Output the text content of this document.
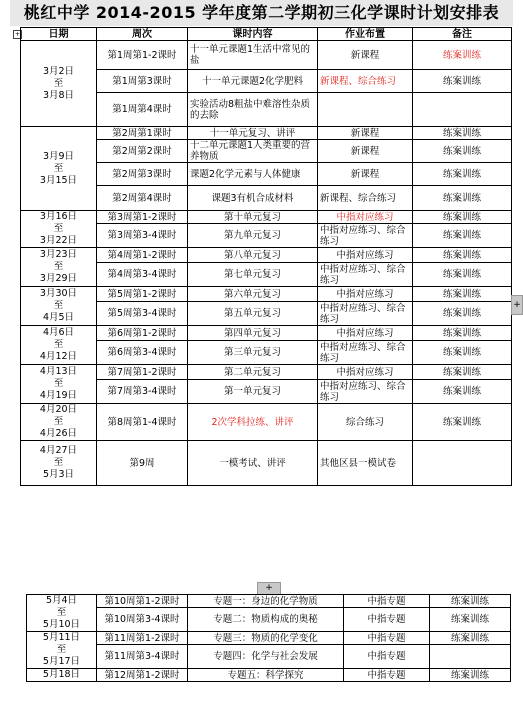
桃红中学 2014-2015 学年度第二学期初三化学课时计划安排表
+	日期	周次	课时内容	作业布置	备注

3月2日
至
3月8日	第1周第1-2课时	十一单元课题1生活中常见的盐	新课程	练案训练
	第1周第3课时	十一单元课题2化学肥料	新课程、综合练习	练案训练
	第1周第4课时	实验活动8粗盐中难溶性杂质的去除		

3月9日
至
3月15日	第2周第1课时	十一单元复习、讲评	新课程	练案训练
	第2周第2课时	十二单元课题1人类重要的营养物质	新课程	练案训练
	第2周第3课时	课题2化学元素与人体健康	新课程	练案训练
	第2周第4课时	课题3有机合成材料	新课程、综合练习	练案训练

3月16日
至
3月22日	第3周第1-2课时	第十单元复习	中指对应练习	练案训练
	第3周第3-4课时	第九单元复习	中指对应练习、综合练习	练案训练

3月23日
至
3月29日	第4周第1-2课时	第八单元复习	中指对应练习	练案训练
	第4周第3-4课时	第七单元复习	中指对应练习、综合练习	练案训练

3月30日
至
4月5日	第5周第1-2课时	第六单元复习	中指对应练习	练案训练
	第5周第3-4课时	第五单元复习	中指对应练习、综合练习	练案训练

4月6日
至
4月12日	第6周第1-2课时	第四单元复习	中指对应练习	练案训练
	第6周第3-4课时	第三单元复习	中指对应练习、综合练习	练案训练

4月13日
至
4月19日	第7周第1-2课时	第二单元复习	中指对应练习	练案训练
	第7周第3-4课时	第一单元复习	中指对应练习、综合练习	练案训练

4月20日
至
4月26日	第8周第1-4课时	2次学科拉练、讲评	综合练习	练案训练

4月27日
至
5月3日	第9周	一模考试、讲评	其他区县一模试卷	
+
+
5月4日
至
5月10日	第10周第1-2课时	专题一：身边的化学物质	中指专题	练案训练
	第10周第3-4课时	专题二：物质构成的奥秘	中指专题	练案训练

5月11日
至
5月17日	第11周第1-2课时	专题三：物质的化学变化	中指专题	练案训练
	第11周第3-4课时	专题四：化学与社会发展	中指专题	

5月18日	第12周第1-2课时	专题五：科学探究	中指专题	练案训练
